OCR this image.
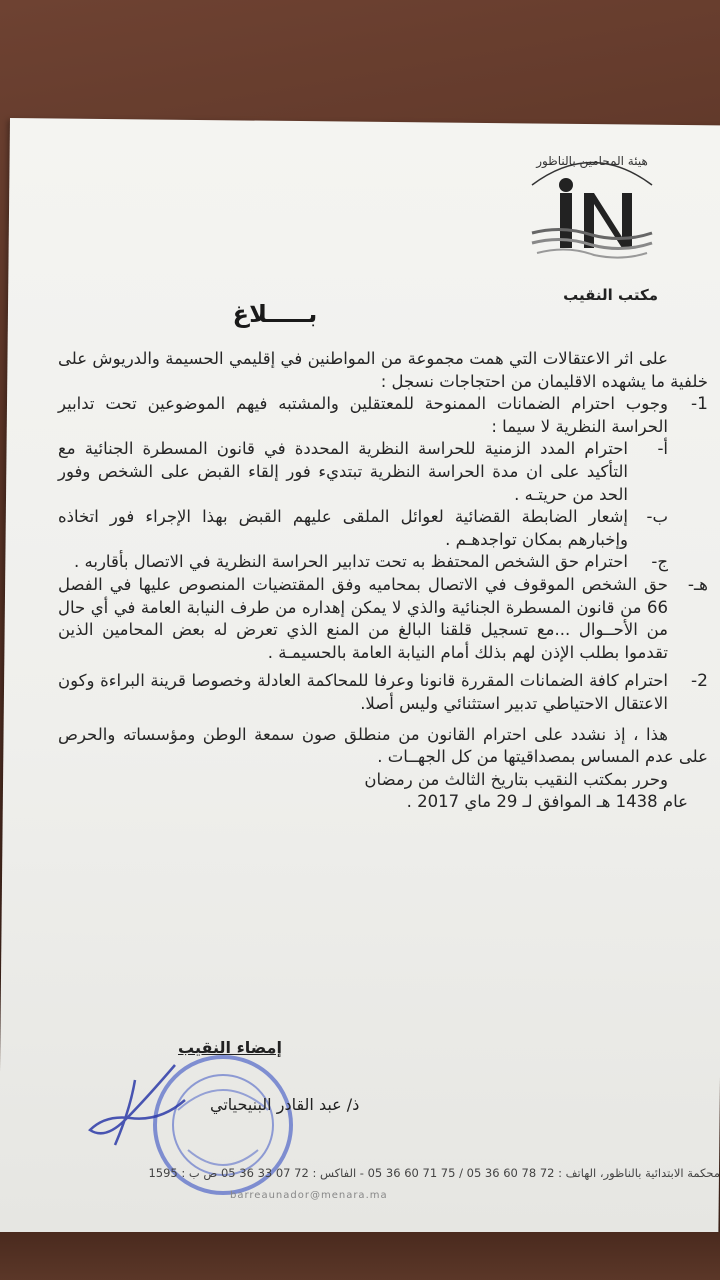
هيئة المحامين بالناظور
مكتب النقيب
بـــــلاغ

على اثر الاعتقالات التي همت مجموعة من المواطنين في إقليمي الحسيمة والدريوش على خلفية ما يشهده الاقليمان من احتجاجات نسجل :

1-
وجوب احترام الضمانات الممنوحة للمعتقلين والمشتبه فيهم الموضوعين تحت تدابير الحراسة النظرية لا سيما :
أ-
احترام المدد الزمنية للحراسة النظرية المحددة في قانون المسطرة الجنائية مع التأكيد على ان مدة الحراسة النظرية تبتديء فور إلقاء القبض على الشخص وفور الحد من حريتـه .
ب-
إشعار الضابطة القضائية لعوائل الملقى عليهم القبض بهذا الإجراء فور اتخاذه وإخبارهم بمكان تواجدهـم .
ج-
احترام حق الشخص المحتفظ به تحت تدابير الحراسة النظرية في الاتصال بأقاربه .
هـ-
حق الشخص الموقوف في الاتصال بمحاميه وفق المقتضيات المنصوص عليها في الفصل 66 من قانون المسطرة الجنائية والذي لا يمكن إهداره من طرف النيابة العامة في أي حال من الأحــوال ...مع تسجيل قلقنا البالغ من المنع الذي تعرض له بعض المحامين الذين تقدموا بطلب الإذن لهم بذلك أمام النيابة العامة بالحسيمـة .
2-
احترام كافة الضمانات المقررة قانونا وعرفا للمحاكمة العادلة وخصوصا قرينة البراءة وكون الاعتقال الاحتياطي تدبير استثنائي وليس أصلا.

هذا ، إذ نشدد على احترام القانون من منطلق صون سمعة الوطن ومؤسساته والحرص على عدم المساس بمصداقيتها من كل الجهــات .

وحرر بمكتب النقيب بتاريخ الثالث من رمضان

عام 1438 هـ الموافق لـ 29 ماي 2017 .

إمضاء النقيب
ذ/ عبد القادر البنيحياتي
محكمة الابتدائية بالناظور، الهاتف : 72 78 60 36 05 / 75 71 60 36 05 - الفاكس : 72 07 33 36 05 ص ب : 1595
barreaunador@menara.ma
